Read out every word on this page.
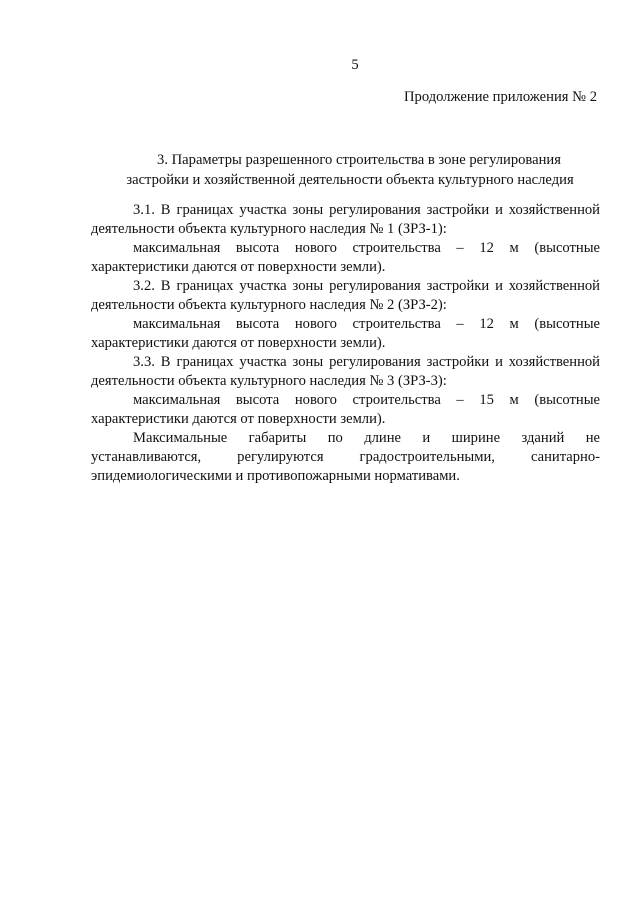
5
Продолжение приложения № 2
3. Параметры разрешенного строительства в зоне регулирования
застройки и хозяйственной деятельности объекта культурного наследия
3.1. В границах участка зоны регулирования застройки и хозяйственной
деятельности объекта культурного наследия № 1 (ЗРЗ-1):
максимальная высота нового строительства – 12 м (высотные
характеристики даются от поверхности земли).
3.2. В границах участка зоны регулирования застройки и хозяйственной
деятельности объекта культурного наследия № 2 (ЗРЗ-2):
максимальная высота нового строительства – 12 м (высотные
характеристики даются от поверхности земли).
3.3. В границах участка зоны регулирования застройки и хозяйственной
деятельности объекта культурного наследия № 3 (ЗРЗ-3):
максимальная высота нового строительства – 15 м (высотные
характеристики даются от поверхности земли).
Максимальные габариты по длине и ширине зданий не
устанавливаются, регулируются градостроительными, санитарно-
эпидемиологическими и противопожарными нормативами.
